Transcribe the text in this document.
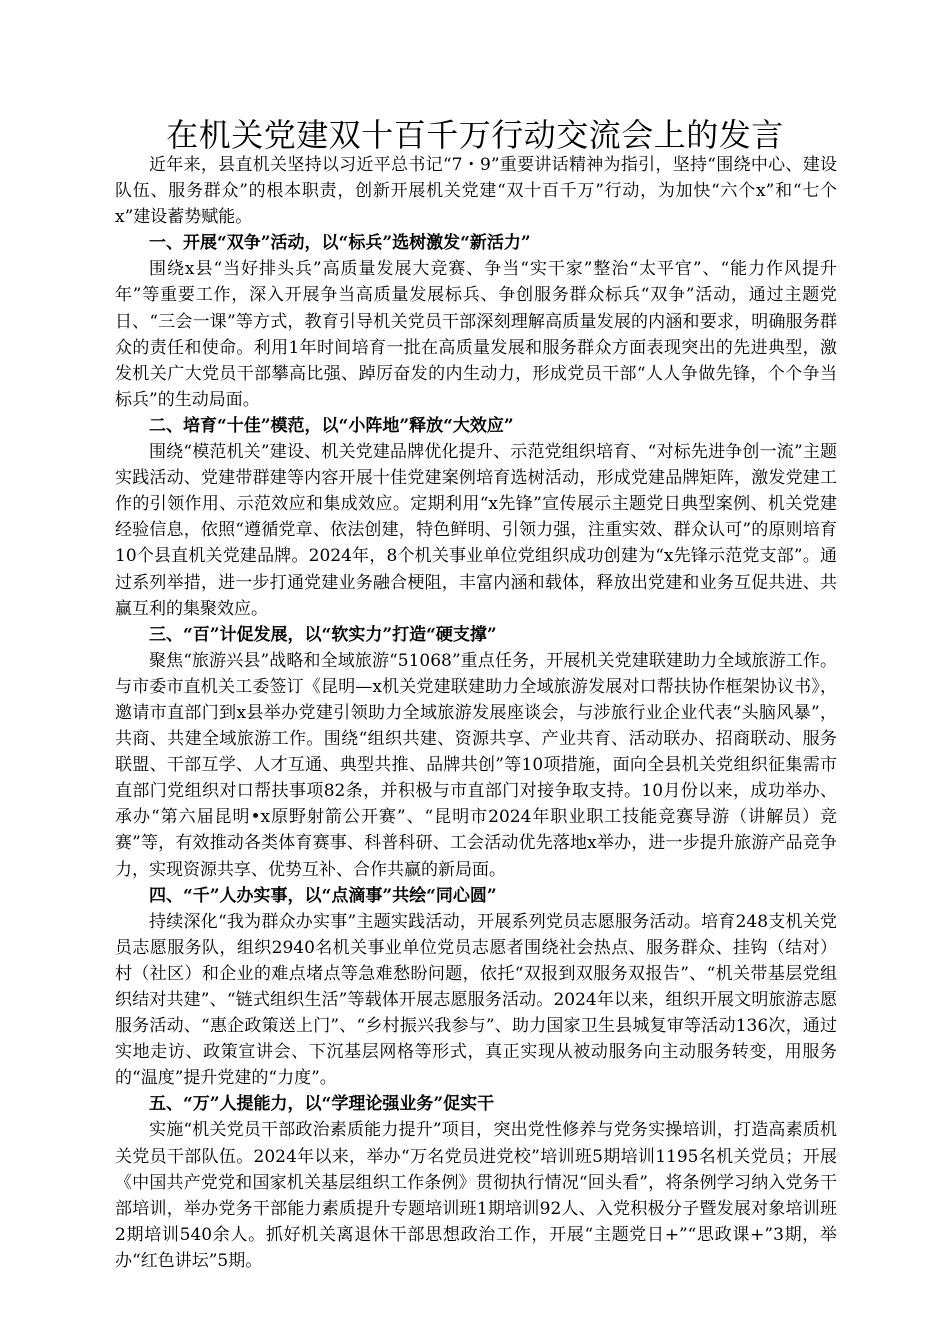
在机关党建双十百千万行动交流会上的发言

近年来，县直机关坚持以习近平总书记“7・9”重要讲话精神为指引，坚持“围绕中心、建设队伍、服务群众”的根本职责，创新开展机关党建“双十百千万”行动，为加快“六个x”和“七个x”建设蓄势赋能。

一、开展“双争”活动，以“标兵”选树激发“新活力”

围绕x县“当好排头兵”高质量发展大竞赛、争当“实干家”整治“太平官”、“能力作风提升年”等重要工作，深入开展争当高质量发展标兵、争创服务群众标兵“双争”活动，通过主题党日、“三会一课”等方式，教育引导机关党员干部深刻理解高质量发展的内涵和要求，明确服务群众的责任和使命。利用1年时间培育一批在高质量发展和服务群众方面表现突出的先进典型，激发机关广大党员干部攀高比强、踔厉奋发的内生动力，形成党员干部“人人争做先锋，个个争当标兵”的生动局面。

二、培育“十佳”模范，以“小阵地”释放“大效应”

围绕“模范机关”建设、机关党建品牌优化提升、示范党组织培育、“对标先进争创一流”主题实践活动、党建带群建等内容开展十佳党建案例培育选树活动，形成党建品牌矩阵，激发党建工作的引领作用、示范效应和集成效应。定期利用“x先锋”宣传展示主题党日典型案例、机关党建经验信息，依照“遵循党章、依法创建，特色鲜明、引领力强，注重实效、群众认可”的原则培育10个县直机关党建品牌。2024年，8个机关事业单位党组织成功创建为“x先锋示范党支部”。通过系列举措，进一步打通党建业务融合梗阻，丰富内涵和载体，释放出党建和业务互促共进、共赢互利的集聚效应。

三、“百”计促发展，以“软实力”打造“硬支撑”

聚焦“旅游兴县”战略和全域旅游“51068”重点任务，开展机关党建联建助力全域旅游工作。与市委市直机关工委签订《昆明—x机关党建联建助力全域旅游发展对口帮扶协作框架协议书》，邀请市直部门到x县举办党建引领助力全域旅游发展座谈会，与涉旅行业企业代表“头脑风暴”，共商、共建全域旅游工作。围绕“组织共建、资源共享、产业共育、活动联办、招商联动、服务联盟、干部互学、人才互通、典型共推、品牌共创”等10项措施，面向全县机关党组织征集需市直部门党组织对口帮扶事项82条，并积极与市直部门对接争取支持。10月份以来，成功举办、承办“第六届昆明•x原野射箭公开赛”、“昆明市2024年职业职工技能竞赛导游（讲解员）竞赛”等，有效推动各类体育赛事、科普科研、工会活动优先落地x举办，进一步提升旅游产品竞争力，实现资源共享、优势互补、合作共赢的新局面。

四、“千”人办实事，以“点滴事”共绘“同心圆”

持续深化“我为群众办实事”主题实践活动，开展系列党员志愿服务活动。培育248支机关党员志愿服务队，组织2940名机关事业单位党员志愿者围绕社会热点、服务群众、挂钩（结对）村（社区）和企业的难点堵点等急难愁盼问题，依托“双报到双服务双报告”、“机关带基层党组织结对共建”、“链式组织生活”等载体开展志愿服务活动。2024年以来，组织开展文明旅游志愿服务活动、“惠企政策送上门”、“乡村振兴我参与”、助力国家卫生县城复审等活动136次，通过实地走访、政策宣讲会、下沉基层网格等形式，真正实现从被动服务向主动服务转变，用服务的“温度”提升党建的“力度”。

五、“万”人提能力，以“学理论强业务”促实干

实施“机关党员干部政治素质能力提升”项目，突出党性修养与党务实操培训，打造高素质机关党员干部队伍。2024年以来，举办“万名党员进党校”培训班5期培训1195名机关党员；开展《中国共产党党和国家机关基层组织工作条例》贯彻执行情况“回头看”，将条例学习纳入党务干部培训，举办党务干部能力素质提升专题培训班1期培训92人、入党积极分子暨发展对象培训班2期培训540余人。抓好机关离退休干部思想政治工作，开展“主题党日+”“思政课+”3期，举办“红色讲坛”5期。
